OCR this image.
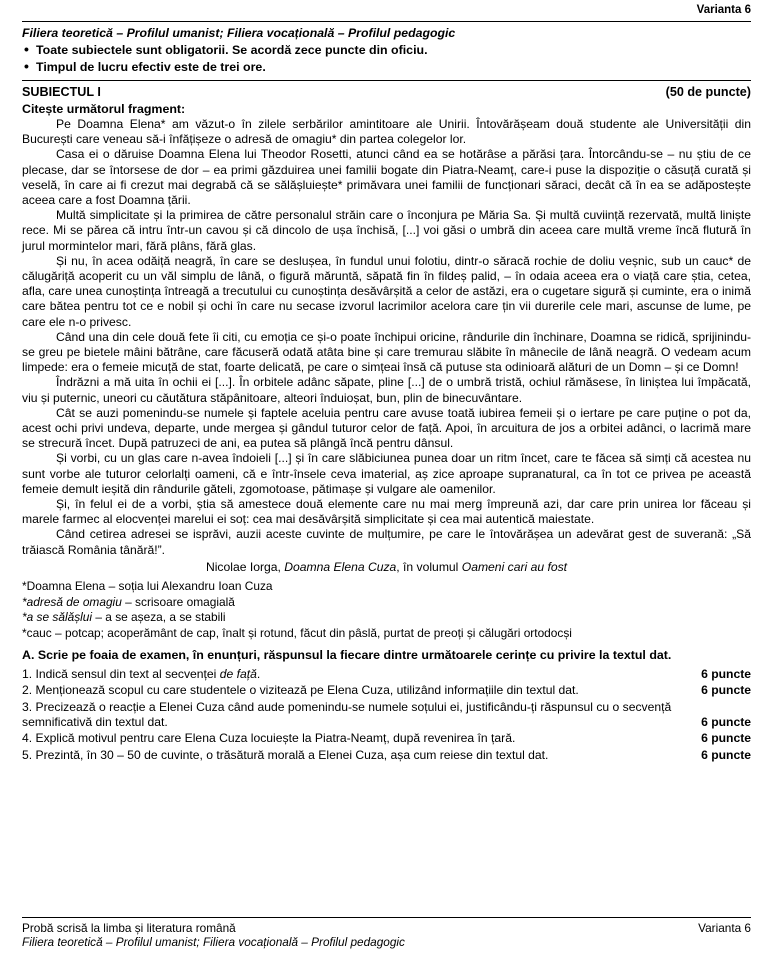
Varianta 6
Filiera teoretică – Profilul umanist; Filiera vocațională – Profilul pedagogic
• Toate subiectele sunt obligatorii. Se acordă zece puncte din oficiu.
• Timpul de lucru efectiv este de trei ore.
SUBIECTUL I	(50 de puncte)
Citește următorul fragment:

Pe Doamna Elena* am văzut-o în zilele serbărilor amintitoare ale Unirii. Întovărășeam două studente ale Universității din București care veneau să-i înfățișeze o adresă de omagiu* din partea colegelor lor.

Casa ei o dăruise Doamna Elena lui Theodor Rosetti, atunci când ea se hotărâse a părăsi țara. Întorcându-se – nu știu de ce plecase, dar se întorsese de dor – ea primi găzduirea unei familii bogate din Piatra-Neamț, care-i puse la dispoziție o căsuță curată și veselă, în care ai fi crezut mai degrabă că se sălășluiește* primăvara unei familii de funcționari săraci, decât că în ea se adăpostește aceea care a fost Doamna țării.

Multă simplicitate și la primirea de către personalul străin care o înconjura pe Măria Sa. Și multă cuviință rezervată, multă liniște rece. Mi se părea că intru într-un cavou și că dincolo de ușa închisă, [...] voi găsi o umbră din aceea care multă vreme încă flutură în jurul mormintelor mari, fără plâns, fără glas.

Și nu, în acea odăiță neagră, în care se deslușea, în fundul unui folotiu, dintr-o săracă rochie de doliu veșnic, sub un cauc* de călugăriță acoperit cu un văl simplu de lână, o figură măruntă, săpată fin în fildeș palid, – în odaia aceea era o viață care știa, cetea, afla, care unea cunoștința întreagă a trecutului cu cunoștința desăvârșită a celor de astăzi, era o cugetare sigură și cuminte, era o inimă care bătea pentru tot ce e nobil și ochi în care nu secase izvorul lacrimilor acelora care țin vii durerile cele mari, ascunse de lume, pe care ele n-o privesc.

Când una din cele două fete îi citi, cu emoția ce și-o poate închipui oricine, rândurile din închinare, Doamna se ridică, sprijinindu-se greu pe bietele mâini bătrâne, care făcuseră odată atâta bine și care tremurau slăbite în mânecile de lână neagră. O vedeam acum limpede: era o femeie micuță de stat, foarte delicată, pe care o simțeai însă că putuse sta odinioară alături de un Domn – și ce Domn!

Îndrăzni a mă uita în ochii ei [...]. În orbitele adânc săpate, pline [...] de o umbră tristă, ochiul rămăsese, în liniștea lui împăcată, viu și puternic, uneori cu căutătura stăpânitoare, alteori înduioșat, bun, plin de binecuvântare.

Cât se auzi pomenindu-se numele și faptele aceluia pentru care avuse toată iubirea femeii și o iertare pe care puține o pot da, acest ochi privi undeva, departe, unde mergea și gândul tuturor celor de față. Apoi, în arcuitura de jos a orbitei adânci, o lacrimă mare se strecură încet. După patruzeci de ani, ea putea să plângă încă pentru dânsul.

Și vorbi, cu un glas care n-avea îndoieli [...] și în care slăbiciunea punea doar un ritm încet, care te făcea să simți că acestea nu sunt vorbe ale tuturor celorlalți oameni, că e într-însele ceva imaterial, aș zice aproape supranatural, ca în tot ce privea pe această femeie demult ieșită din rândurile găteli, zgomotoase, pătimașe și vulgare ale oamenilor.

Și, în felul ei de a vorbi, știa să amestece două elemente care nu mai merg împreună azi, dar care prin unirea lor făceau și marele farmec al elocvenței marelui ei soț: cea mai desăvârșită simplicitate și cea mai autentică maiestate.

Când cetirea adresei se isprăvi, auzii aceste cuvinte de mulțumire, pe care le întovărășea un adevărat gest de suverană: „Să trăiască România tânără!”.

Nicolae Iorga, Doamna Elena Cuza, în volumul Oameni cari au fost
*Doamna Elena – soția lui Alexandru Ioan Cuza
*adresă de omagiu – scrisoare omagială
*a se sălășlui – a se așeza, a se stabili
*cauc – potcap; acoperământ de cap, înalt și rotund, făcut din pâslă, purtat de preoți și călugări ortodocși
A. Scrie pe foaia de examen, în enunțuri, răspunsul la fiecare dintre următoarele cerințe cu privire la textul dat.
1. Indică sensul din text al secvenței de față.	6 puncte
2. Menționează scopul cu care studentele o vizitează pe Elena Cuza, utilizând informațiile din textul dat.	6 puncte
3. Precizează o reacție a Elenei Cuza când aude pomenindu-se numele soțului ei, justificându-ți răspunsul cu o secvență semnificativă din textul dat.	6 puncte
4. Explică motivul pentru care Elena Cuza locuiește la Piatra-Neamț, după revenirea în țară.	6 puncte
5. Prezintă, în 30 – 50 de cuvinte, o trăsătură morală a Elenei Cuza, așa cum reiese din textul dat.	6 puncte
Probă scrisă la limba și literatura română	Varianta 6
Filiera teoretică – Profilul umanist; Filiera vocațională – Profilul pedagogic
